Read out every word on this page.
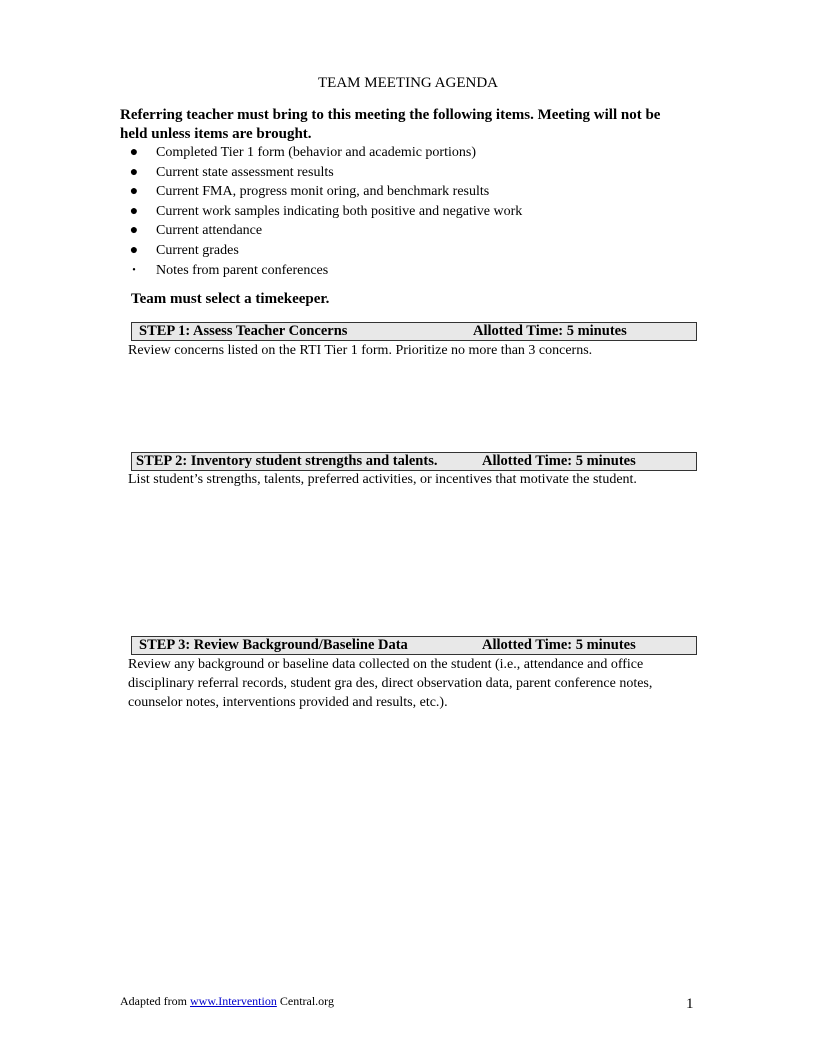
TEAM MEETING AGENDA
Referring teacher must bring to this meeting the following items. Meeting will not be held unless items are brought.
● Completed Tier 1 form (behavior and academic portions)
● Current state assessment results
● Current FMA, progress monit oring, and benchmark results
● Current work samples indicating both positive and negative work
● Current attendance
● Current grades
• Notes from parent conferences
Team must select a timekeeper.
STEP 1: Assess Teacher Concerns	Allotted Time: 5 minutes
Review concerns listed on the RTI Tier 1 form. Prioritize no more than 3 concerns.
STEP 2: Inventory student strengths and talents.	Allotted Time: 5 minutes
List student’s strengths, talents, preferred activities, or incentives that motivate the student.
STEP 3: Review Background/Baseline Data	Allotted Time: 5 minutes
Review any background or baseline data collected on the student (i.e., attendance and office disciplinary referral records, student gra des, direct observation data, parent conference notes, counselor notes, interventions provided and results, etc.).
Adapted from www.Intervention Central.org	1
